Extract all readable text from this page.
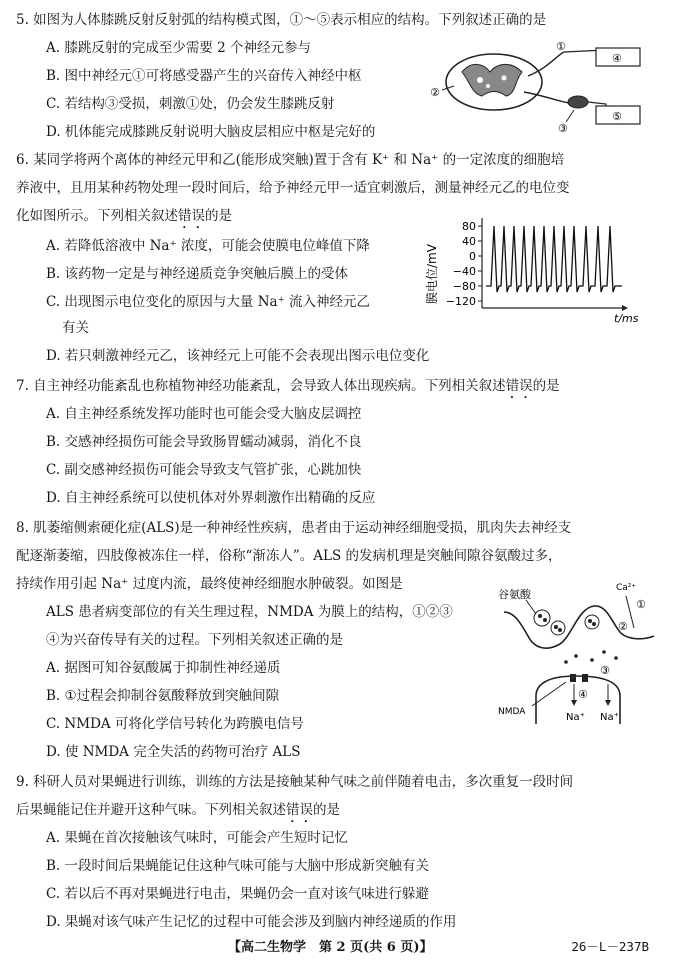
5. 如图为人体膝跳反射反射弧的结构模式图，①～⑤表示相应的结构。下列叙述正确的是
A. 膝跳反射的完成至少需要 2 个神经元参与
B. 图中神经元①可将感受器产生的兴奋传入神经中枢
C. 若结构③受损，刺激①处，仍会发生膝跳反射
D. 机体能完成膝跳反射说明大脑皮层相应中枢是完好的
①
②
③
④
⑤
6. 某同学将两个离体的神经元甲和乙(能形成突触)置于含有 K⁺ 和 Na⁺ 的一定浓度的细胞培
养液中，且用某种药物处理一段时间后，给予神经元甲一适宜刺激后，测量神经元乙的电位变
化如图所示。下列相关叙述错误的是
A. 若降低溶液中 Na⁺ 浓度，可能会使膜电位峰值下降
B. 该药物一定是与神经递质竞争突触后膜上的受体
C. 出现图示电位变化的原因与大量 Na⁺ 流入神经元乙
有关
D. 若只刺激神经元乙，该神经元上可能不会表现出图示电位变化
膜电位/mV
80
40
0
−40
−80
−120
t/ms
7. 自主神经功能紊乱也称植物神经功能紊乱，会导致人体出现疾病。下列相关叙述错误的是
A. 自主神经系统发挥功能时也可能会受大脑皮层调控
B. 交感神经损伤可能会导致肠胃蠕动减弱，消化不良
C. 副交感神经损伤可能会导致支气管扩张，心跳加快
D. 自主神经系统可以使机体对外界刺激作出精确的反应
8. 肌萎缩侧索硬化症(ALS)是一种神经性疾病，患者由于运动神经细胞受损，肌肉失去神经支
配逐渐萎缩，四肢像被冻住一样，俗称“渐冻人”。ALS 的发病机理是突触间隙谷氨酸过多，
持续作用引起 Na⁺ 过度内流，最终使神经细胞水肿破裂。如图是
ALS 患者病变部位的有关生理过程，NMDA 为膜上的结构，①②③
④为兴奋传导有关的过程。下列相关叙述正确的是
A. 据图可知谷氨酸属于抑制性神经递质
B. ①过程会抑制谷氨酸释放到突触间隙
C. NMDA 可将化学信号转化为跨膜电信号
D. 使 NMDA 完全失活的药物可治疗 ALS
谷氨酸	Ca²⁺
①
②
③
④
NMDA	Na⁺ Na⁺
9. 科研人员对果蝇进行训练，训练的方法是接触某种气味之前伴随着电击，多次重复一段时间
后果蝇能记住并避开这种气味。下列相关叙述错误的是
A. 果蝇在首次接触该气味时，可能会产生短时记忆
B. 一段时间后果蝇能记住这种气味可能与大脑中形成新突触有关
C. 若以后不再对果蝇进行电击，果蝇仍会一直对该气味进行躲避
D. 果蝇对该气味产生记忆的过程中可能会涉及到脑内神经递质的作用
【高二生物学　第 2 页(共 6 页)】	26－L－237B
